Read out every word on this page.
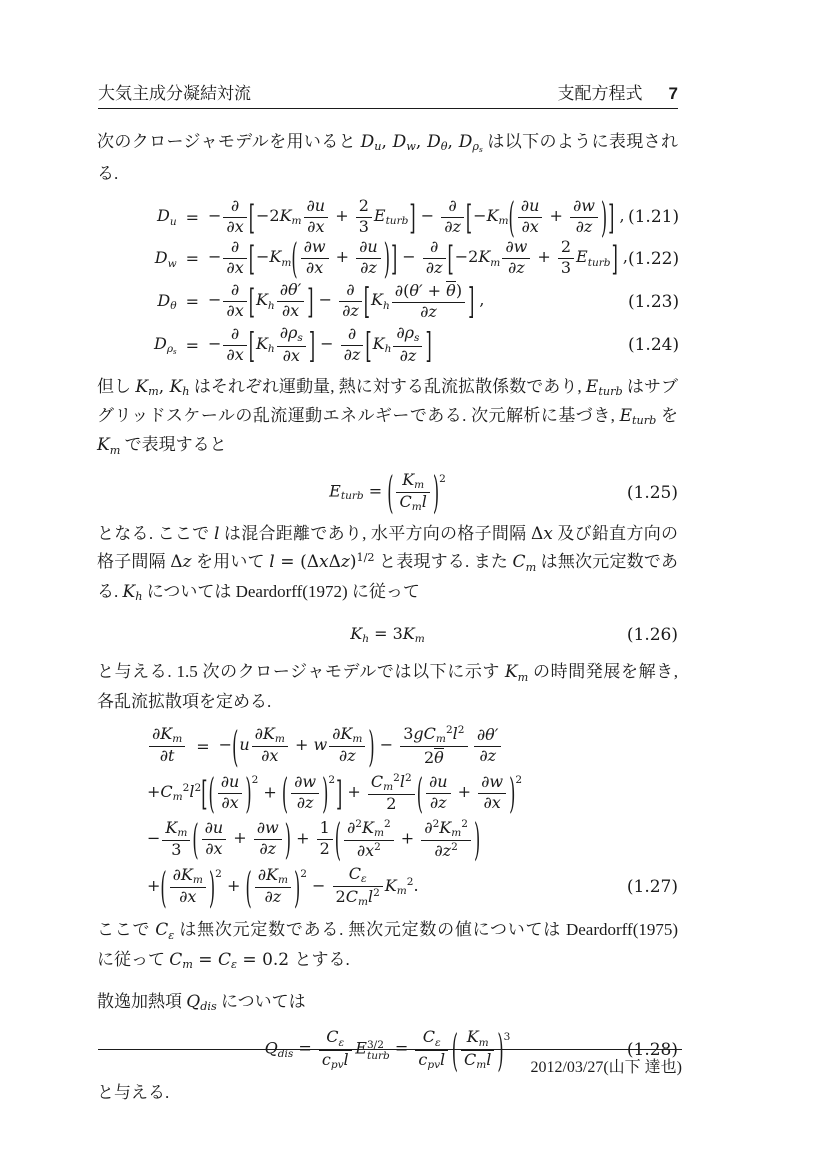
大気主成分凝結対流	支配方程式 7

次のクロージャモデルを用いると Du, Dw, Dθ, Dρs は以下のように表現される.

Du = − $\frac{\partial}{\partial x}$ [ $-2Km \frac{\partial u}{\partial x} + \frac{2}{3}$ Eturb ] − $\frac{\partial}{\partial z}$ [ −Km ( $\frac{\partial u}{\partial x} + \frac{\partial w}{\partial z}$ ) ] , (1.21)
Dw = − $\frac{\partial}{\partial x}$ [ −Km ( $\frac{\partial w}{\partial x} + \frac{\partial u}{\partial z}$ ) ] − $\frac{\partial}{\partial z}$ [ $-2Km \frac{\partial w}{\partial z} + \frac{2}{3}$ Eturb ] , (1.22)
Dθ = − $\frac{\partial}{\partial x}$ [ Kh $\frac{\partial\theta'}{\partial x}$ ] − $\frac{\partial}{\partial z}$ [ Kh $\frac{\partial(\theta' + \theta)}{\partial z}$ ] ,	(1.23)
Dρs = − $\frac{\partial}{\partial x}$ [ Kh $\frac{\partial\rho s}{\partial x}$ ] − $\frac{\partial}{\partial z}$ [ Kh $\frac{\partial\rho s}{\partial z}$ ]	(1.24)

但し Km, Kh はそれぞれ運動量, 熱に対する乱流拡散係数であり, Eturb はサブグリッドスケールの乱流運動エネルギーである. 次元解析に基づき, Eturb を Km で表現すると

Eturb = ( $\frac{Km}{\text{Cml}}$ ) $^2$
(1.25)

となる. ここで l は混合距離であり, 水平方向の格子間隔 Δx 及び鉛直方向の格子間隔 Δz を用いて $l = (\Delta x\Delta z)^{1/2}$ と表現する. また Cm は無次元定数である. Kh については Deardorff(1972) に従って

Kh = 3Km	(1.26)

と与える. 1.5 次のクロージャモデルでは以下に示す Km の時間発展を解き, 各乱流拡散項を定める.

$\frac{\partial Km}{\partial t}$ = − ( u $\frac{\partial Km}{\partial x} + w \frac{\partial Km}{\partial z}$ ) − $\frac{3gCm^2l^2}{2\theta} \frac{\partial\theta'}{\partial z}$
$+Cm^2l^2$ [ ( $\frac{\partial u}{\partial x}$ ) $^2$ + ( $\frac{\partial w}{\partial z}$ ) $^2$ ] + $\frac{Cm^2l^2}{2}$ ( $\frac{\partial u}{\partial z} + \frac{\partial w}{\partial x}$ ) $^2$
− $\frac{Km}{3}$ ( $\frac{\partial u}{\partial x} + \frac{\partial w}{\partial z}$ ) + $\frac{1}{2}$ ( $\frac{\partial^2Km^2}{\partial x^2} + \frac{\partial^2Km^2}{\partial z^2}$ )
+ ( $\frac{\partial Km}{\partial x}$ ) $^2$ + ( $\frac{\partial Km}{\partial z}$ ) $^2 - \frac{C\varepsilon}{2Cml^2} Km^2$.	(1.27)

ここで Cε は無次元定数である. 無次元定数の値については Deardorff(1975) に従って Cm = Cε = 0.2 とする.

散逸加熱項 Qdis については

Qdis = $\frac{C\varepsilon}{\text{cpvl}}$ E 3/2
turb = $\frac{C\varepsilon}{\text{cpvl}}$ ( $\frac{Km}{\text{Cml}}$ ) $^3$
(1.28)

と与える.

2012/03/27(山下 達也)
